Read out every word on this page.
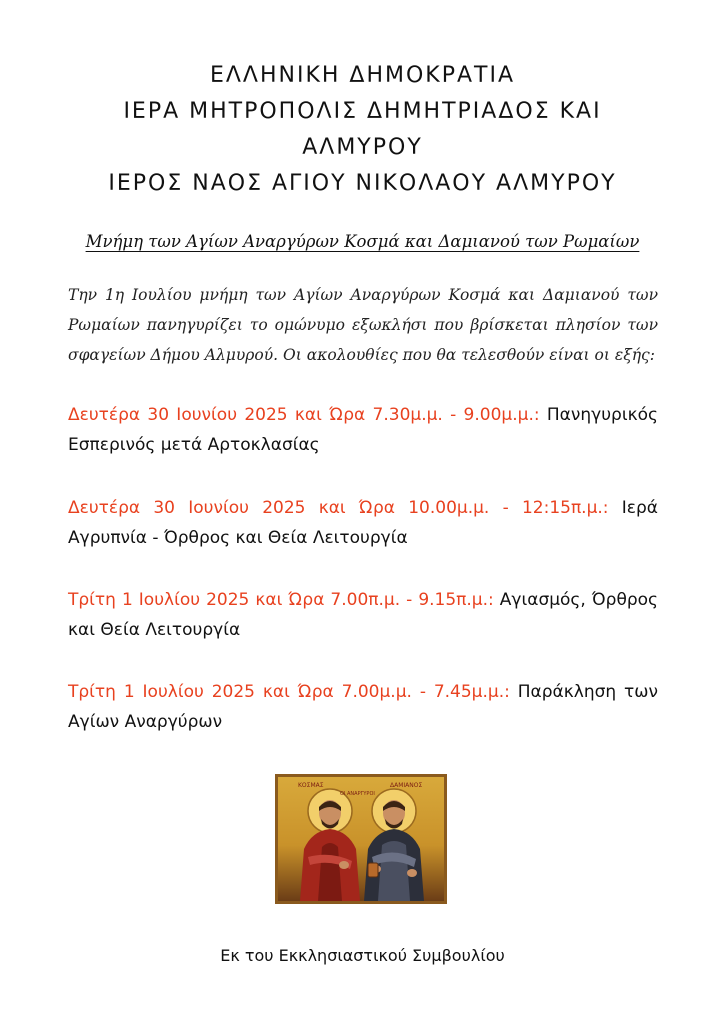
ΕΛΛΗΝΙΚΗ ΔΗΜΟΚΡΑΤΙΑ
ΙΕΡΑ ΜΗΤΡΟΠΟΛΙΣ ΔΗΜΗΤΡΙΑΔΟΣ ΚΑΙ
ΑΛΜΥΡΟΥ
ΙΕΡΟΣ ΝΑΟΣ ΑΓΙΟΥ ΝΙΚΟΛΑΟΥ ΑΛΜΥΡΟΥ
Μνήμη των Αγίων Αναργύρων Κοσμά και Δαμιανού των Ρωμαίων
Την 1η Ιουλίου μνήμη των Αγίων Αναργύρων Κοσμά και Δαμιανού των Ρωμαίων πανηγυρίζει το ομώνυμο εξωκλήσι που βρίσκεται πλησίον των σφαγείων Δήμου Αλμυρού. Οι ακολουθίες που θα τελεσθούν είναι οι εξής:
Δευτέρα 30 Ιουνίου 2025 και Ώρα 7.30μ.μ. - 9.00μ.μ.: Πανηγυρικός Εσπερινός μετά Αρτοκλασίας
Δευτέρα 30 Ιουνίου 2025 και Ώρα 10.00μ.μ. - 12:15π.μ.: Ιερά Αγρυπνία - Όρθρος και Θεία Λειτουργία
Τρίτη 1 Ιουλίου 2025 και Ώρα 7.00π.μ. - 9.15π.μ.: Αγιασμός, Όρθρος και Θεία Λειτουργία
Τρίτη 1 Ιουλίου 2025 και Ώρα 7.00μ.μ. - 7.45μ.μ.: Παράκληση των Αγίων Αναργύρων
ΚΟΣΜΑΣ	ΔΑΜΙΑΝΟΣ
ΟΙ ΑΝΑΡΓΥΡΟΙ
Εκ του Εκκλησιαστικού Συμβουλίου
